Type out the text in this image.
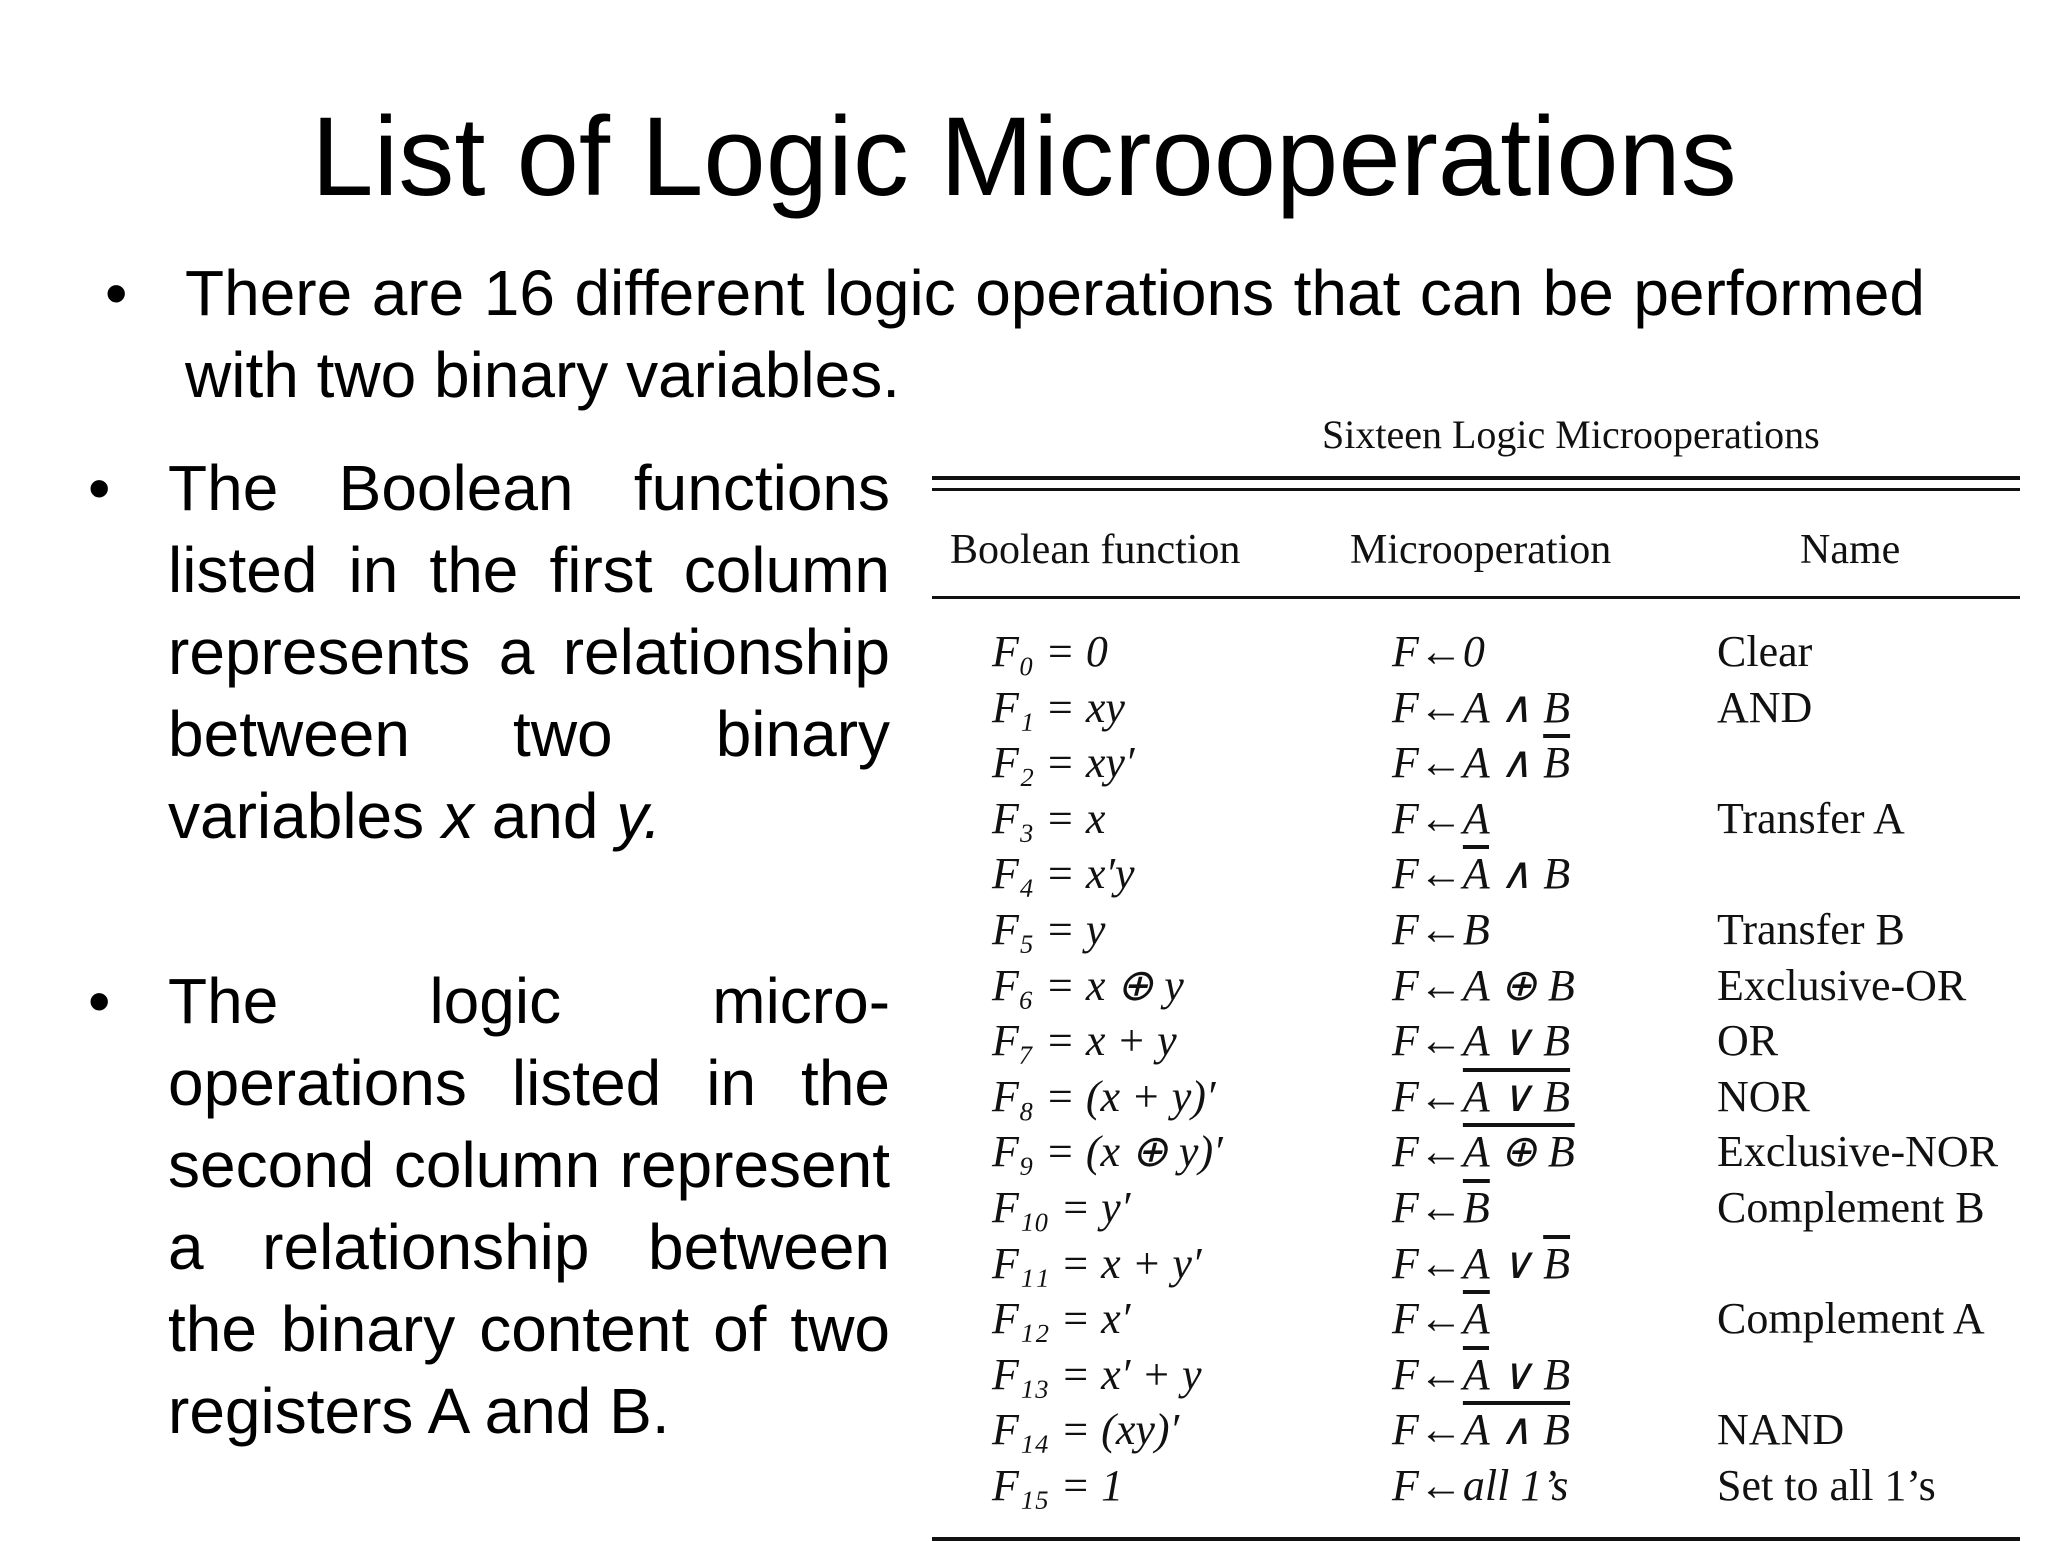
List of Logic Microoperations
• There are 16 different logic operations that can be performed with two binary variables.
• The Boolean functions listed in the first column represents a relationship between two binary variables x and y.
• The logic micro-operations listed in the second column represent a relationship between the binary content of two registers A and B.
Sixteen Logic Microoperations
Boolean function	Microoperation	Name
F₀ = 0	F←0	Clear
F₁ = xy	F←A ∧ B	AND
F₂ = xy′	F←A ∧ $\overline{B}$
F₃ = x	F←A	Transfer A
F₄ = x′y	$F\leftarrow\overline{A}$ ∧ B
F₅ = y	F←B	Transfer B
F₆ = x ⊕ y	F←A ⊕ B	Exclusive-OR
F₇ = x + y	F←A ∨ B	OR
F₈ = (x + y)′	F←A ∨ B	NOR
F₉ = (x ⊕ y)′	F←A ⊕ B	Exclusive-NOR
F₁₀ = y′	$F\leftarrow\overline{B}$	Complement B
F₁₁ = x + y′	F←A ∨ $\overline{B}$
F₁₂ = x′	$F\leftarrow\overline{A}$	Complement A
F₁₃ = x′ + y	$F\leftarrow\overline{A}$ ∨ B
F₁₄ = (xy)′	F←A ∧ B	NAND
F₁₅ = 1	F←all 1’s	Set to all 1’s
